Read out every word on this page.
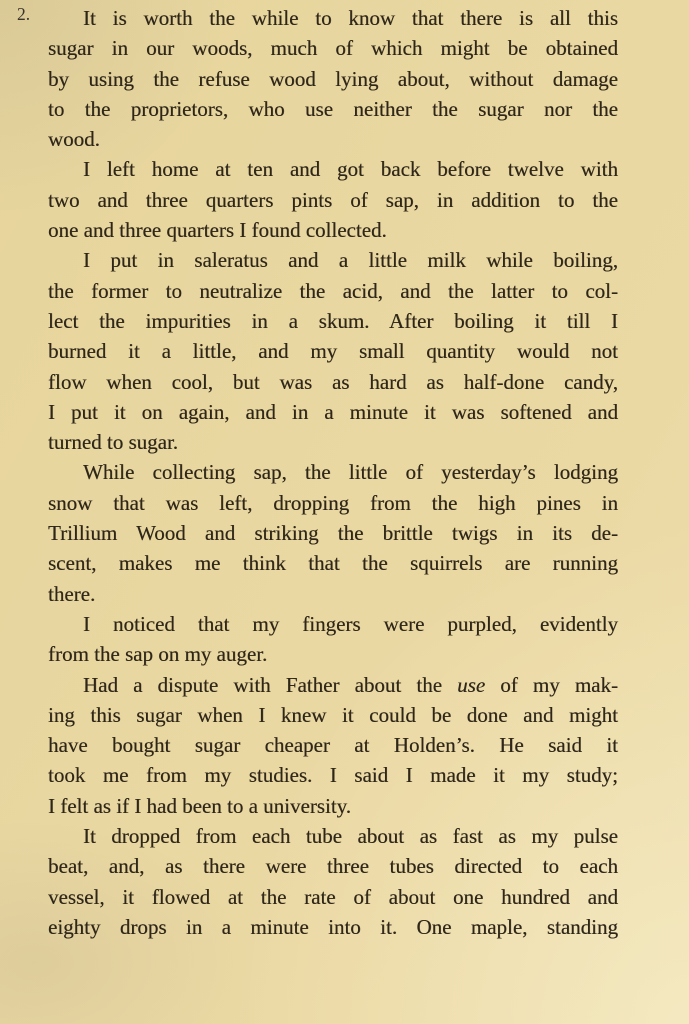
2.	It is worth the while to know that there is all this
sugar in our woods, much of which might be obtained
by using the refuse wood lying about, without damage
to the proprietors, who use neither the sugar nor the
wood.
I left home at ten and got back before twelve with
two and three quarters pints of sap, in addition to the
one and three quarters I found collected.
I put in saleratus and a little milk while boiling,
the former to neutralize the acid, and the latter to col-
lect the impurities in a skum. After boiling it till I
burned it a little, and my small quantity would not
flow when cool, but was as hard as half-done candy,
I put it on again, and in a minute it was softened and
turned to sugar.
While collecting sap, the little of yesterday’s lodging
snow that was left, dropping from the high pines in
Trillium Wood and striking the brittle twigs in its de-
scent, makes me think that the squirrels are running
there.
I noticed that my fingers were purpled, evidently
from the sap on my auger.
Had a dispute with Father about the use of my mak-
ing this sugar when I knew it could be done and might
have bought sugar cheaper at Holden’s. He said it
took me from my studies. I said I made it my study;
I felt as if I had been to a university.
It dropped from each tube about as fast as my pulse
beat, and, as there were three tubes directed to each
vessel, it flowed at the rate of about one hundred and
eighty drops in a minute into it. One maple, standing
